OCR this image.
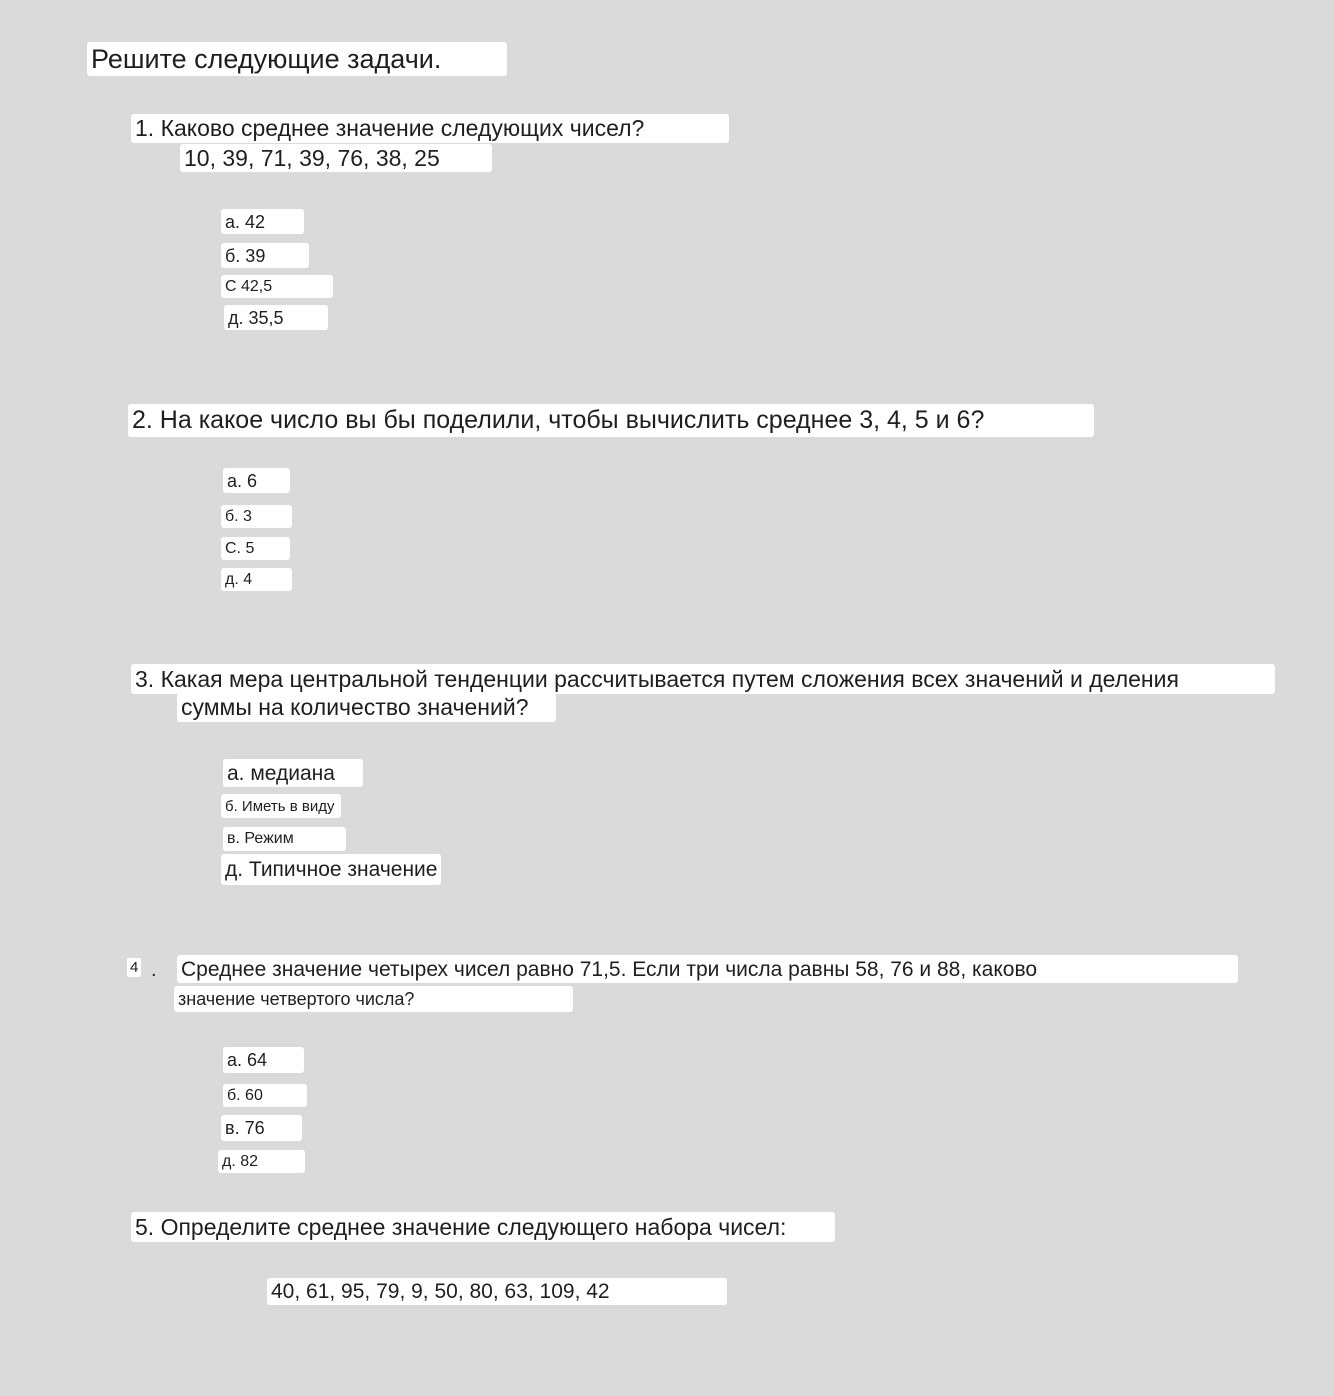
Решите следующие задачи.
1. Каково среднее значение следующих чисел?
10, 39, 71, 39, 76, 38, 25
а. 42
б. 39
С 42,5
д. 35,5
2. На какое число вы бы поделили, чтобы вычислить среднее 3, 4, 5 и 6?
а. 6
б. 3
С. 5
д. 4
3. Какая мера центральной тенденции рассчитывается путем сложения всех значений и деления
суммы на количество значений?
а. медиана
б. Иметь в виду
в. Режим
д. Типичное значение
4 . Среднее значение четырех чисел равно 71,5. Если три числа равны 58, 76 и 88, каково
значение четвертого числа?
а. 64
б. 60
в. 76
д. 82
5. Определите среднее значение следующего набора чисел:
40, 61, 95, 79, 9, 50, 80, 63, 109, 42
